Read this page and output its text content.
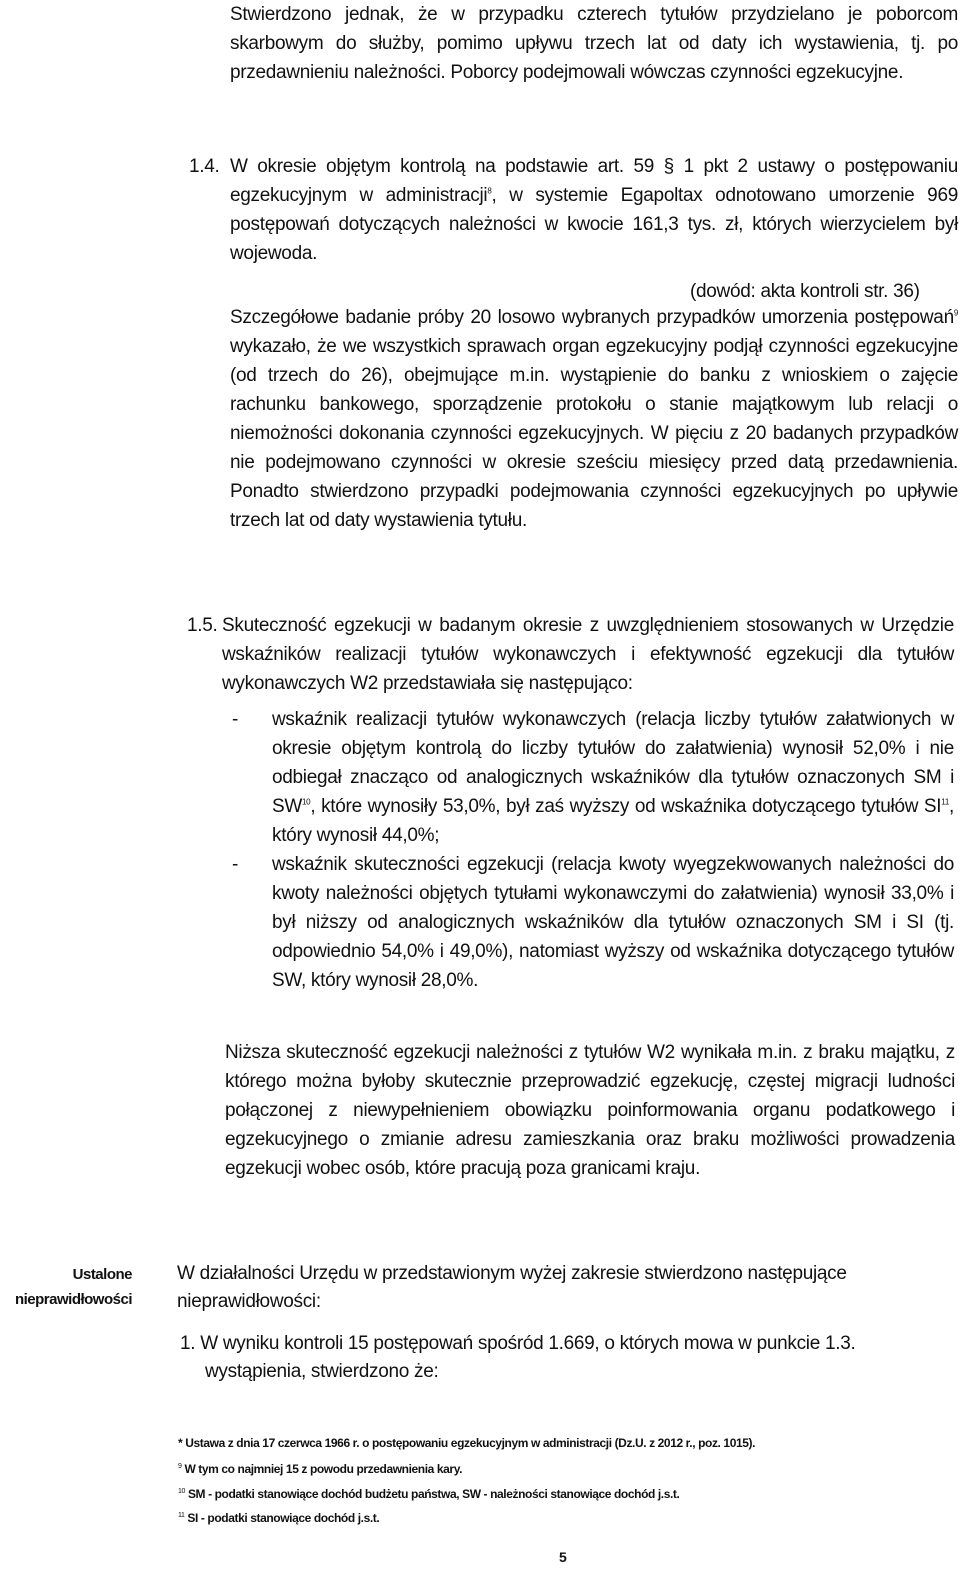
Stwierdzono jednak, że w przypadku czterech tytułów przydzielano je poborcom skarbowym do służby, pomimo upływu trzech lat od daty ich wystawienia, tj. po przedawnieniu należności. Poborcy podejmowali wówczas czynności egzekucyjne.

1.4. W okresie objętym kontrolą na podstawie art. 59 § 1 pkt 2 ustawy o postępowaniu egzekucyjnym w administracji$^8$, w systemie Egapoltax odnotowano umorzenie 969 postępowań dotyczących należności w kwocie 161,3 tys. zł, których wierzycielem był wojewoda.

(dowód: akta kontroli str. 36)

Szczegółowe badanie próby 20 losowo wybranych przypadków umorzenia postępowań$^9$ wykazało, że we wszystkich sprawach organ egzekucyjny podjął czynności egzekucyjne (od trzech do 26), obejmujące m.in. wystąpienie do banku z wnioskiem o zajęcie rachunku bankowego, sporządzenie protokołu o stanie majątkowym lub relacji o niemożności dokonania czynności egzekucyjnych. W pięciu z 20 badanych przypadków nie podejmowano czynności w okresie sześciu miesięcy przed datą przedawnienia. Ponadto stwierdzono przypadki podejmowania czynności egzekucyjnych po upływie trzech lat od daty wystawienia tytułu.

1.5. Skuteczność egzekucji w badanym okresie z uwzględnieniem stosowanych w Urzędzie wskaźników realizacji tytułów wykonawczych i efektywność egzekucji dla tytułów wykonawczych W2 przedstawiała się następująco:

- wskaźnik realizacji tytułów wykonawczych (relacja liczby tytułów załatwionych w okresie objętym kontrolą do liczby tytułów do załatwienia) wynosił 52,0% i nie odbiegał znacząco od analogicznych wskaźników dla tytułów oznaczonych SM i SW$^{10}$, które wynosiły 53,0%, był zaś wyższy od wskaźnika dotyczącego tytułów SI$^{11}$, który wynosił 44,0%;

- wskaźnik skuteczności egzekucji (relacja kwoty wyegzekwowanych należności do kwoty należności objętych tytułami wykonawczymi do załatwienia) wynosił 33,0% i był niższy od analogicznych wskaźników dla tytułów oznaczonych SM i SI (tj. odpowiednio 54,0% i 49,0%), natomiast wyższy od wskaźnika dotyczącego tytułów SW, który wynosił 28,0%.

Niższa skuteczność egzekucji należności z tytułów W2 wynikała m.in. z braku majątku, z którego można byłoby skutecznie przeprowadzić egzekucję, częstej migracji ludności połączonej z niewypełnieniem obowiązku poinformowania organu podatkowego i egzekucyjnego o zmianie adresu zamieszkania oraz braku możliwości prowadzenia egzekucji wobec osób, które pracują poza granicami kraju.

Ustalone
nieprawidłowości
W działalności Urzędu w przedstawionym wyżej zakresie stwierdzono następujące
nieprawidłowości:
1. W wyniku kontroli 15 postępowań spośród 1.669, o których mowa w punkcie 1.3.
wystąpienia, stwierdzono że:
* Ustawa z dnia 17 czerwca 1966 r. o postępowaniu egzekucyjnym w administracji (Dz.U. z 2012 r., poz. 1015).
$^9$ W tym co najmniej 15 z powodu przedawnienia kary.
$^{10}$ SM - podatki stanowiące dochód budżetu państwa, SW - należności stanowiące dochód j.s.t.
$^{11}$ SI - podatki stanowiące dochód j.s.t.
5
